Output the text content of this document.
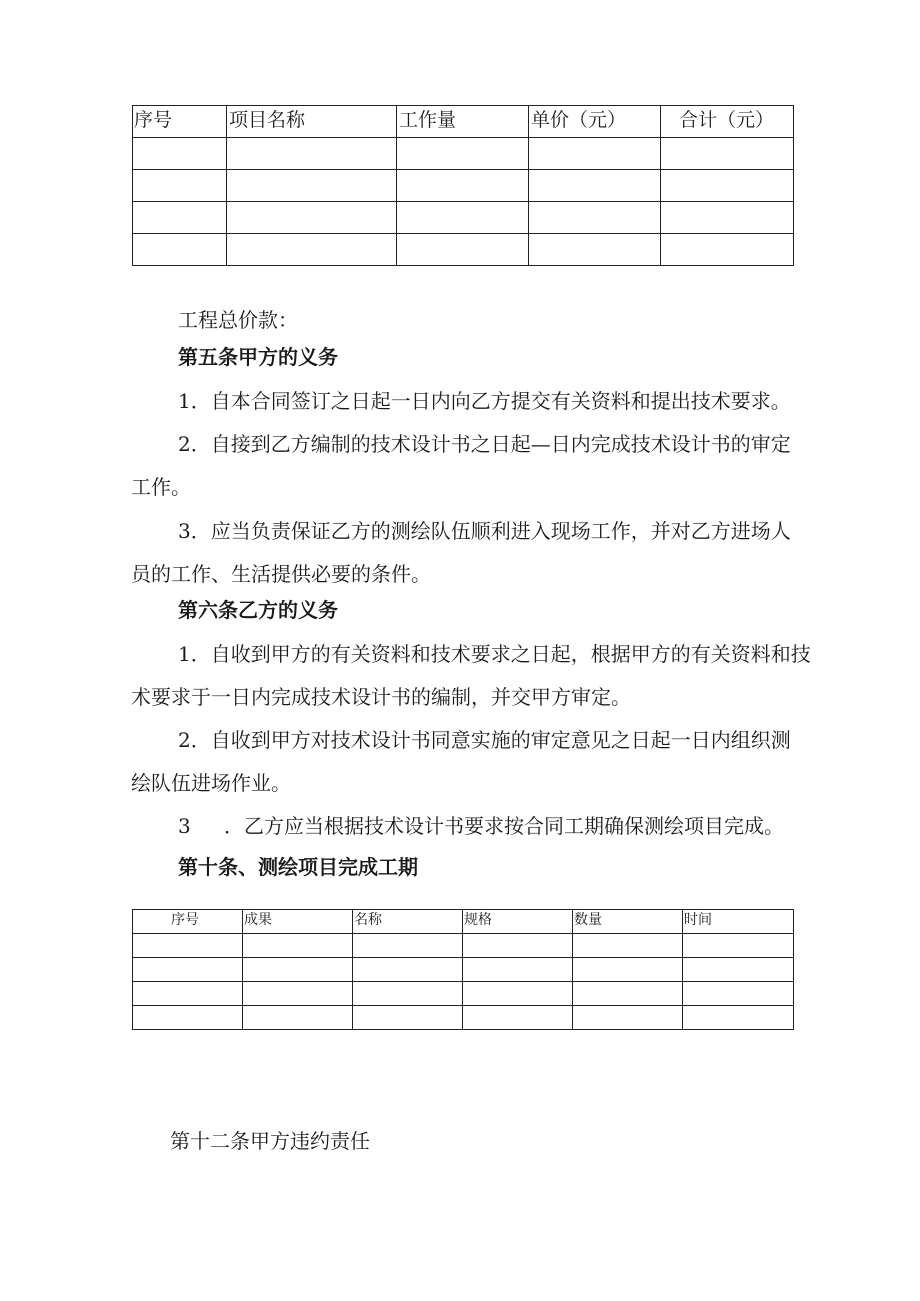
序号	项目名称	工作量	单价（元）	合计（元）

工程总价款：

第五条甲方的义务

1．自本合同签订之日起一日内向乙方提交有关资料和提出技术要求。

2．自接到乙方编制的技术设计书之日起—日内完成技术设计书的审定

工作。

3．应当负责保证乙方的测绘队伍顺利进入现场工作，并对乙方进场人

员的工作、生活提供必要的条件。

第六条乙方的义务

1．自收到甲方的有关资料和技术要求之日起，根据甲方的有关资料和技

术要求于一日内完成技术设计书的编制，并交甲方审定。

2．自收到甲方对技术设计书同意实施的审定意见之日起一日内组织测

绘队伍进场作业。

3 ．乙方应当根据技术设计书要求按合同工期确保测绘项目完成。

第十条、测绘项目完成工期

序号	成果	名称	规格	数量	时间

第十二条甲方违约责任
